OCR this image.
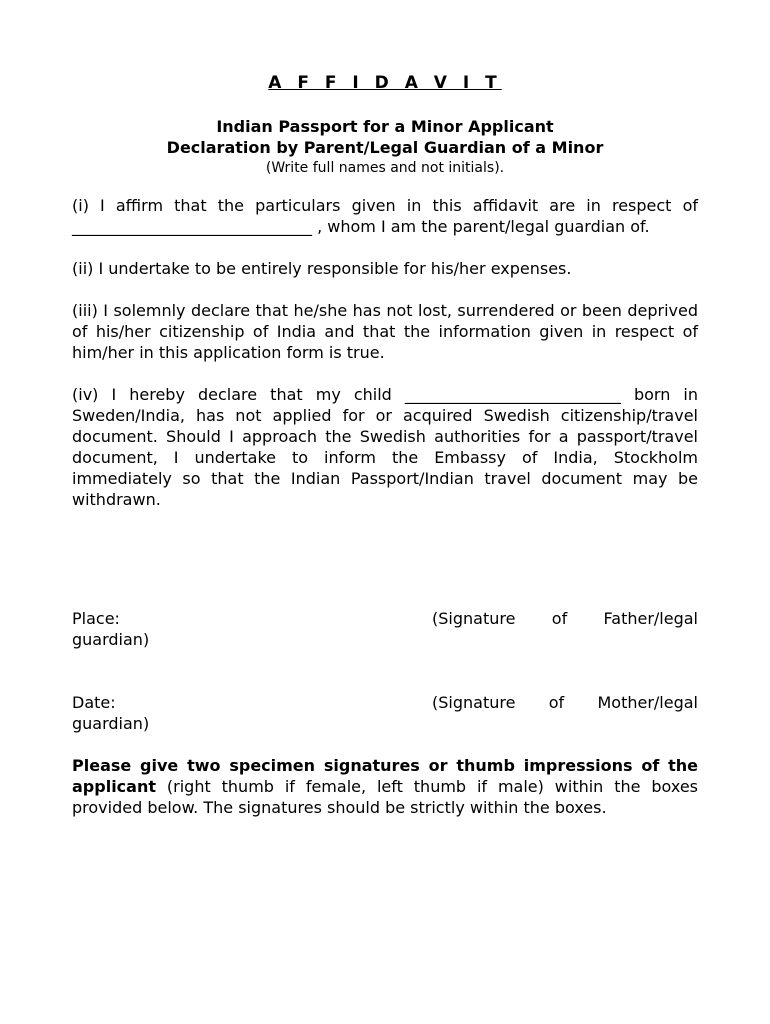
A F F I D A V I T
Indian Passport for a Minor Applicant
Declaration by Parent/Legal Guardian of a Minor
(Write full names and not initials).

(i) I affirm that the particulars given in this affidavit are in respect of ______________________________ , whom I am the parent/legal guardian of.

(ii) I undertake to be entirely responsible for his/her expenses.

(iii) I solemnly declare that he/she has not lost, surrendered or been deprived of his/her citizenship of India and that the information given in respect of him/her in this application form is true.

(iv) I hereby declare that my child ___________________________ born in Sweden/India, has not applied for or acquired Swedish citizenship/travel document. Should I approach the Swedish authorities for a passport/travel document, I undertake to inform the Embassy of India, Stockholm immediately so that the Indian Passport/Indian travel document may be withdrawn.

Place:	(Signature of Father/legal
guardian)
Date:	(Signature of Mother/legal
guardian)

Please give two specimen signatures or thumb impressions of the applicant (right thumb if female, left thumb if male) within the boxes provided below. The signatures should be strictly within the boxes.
